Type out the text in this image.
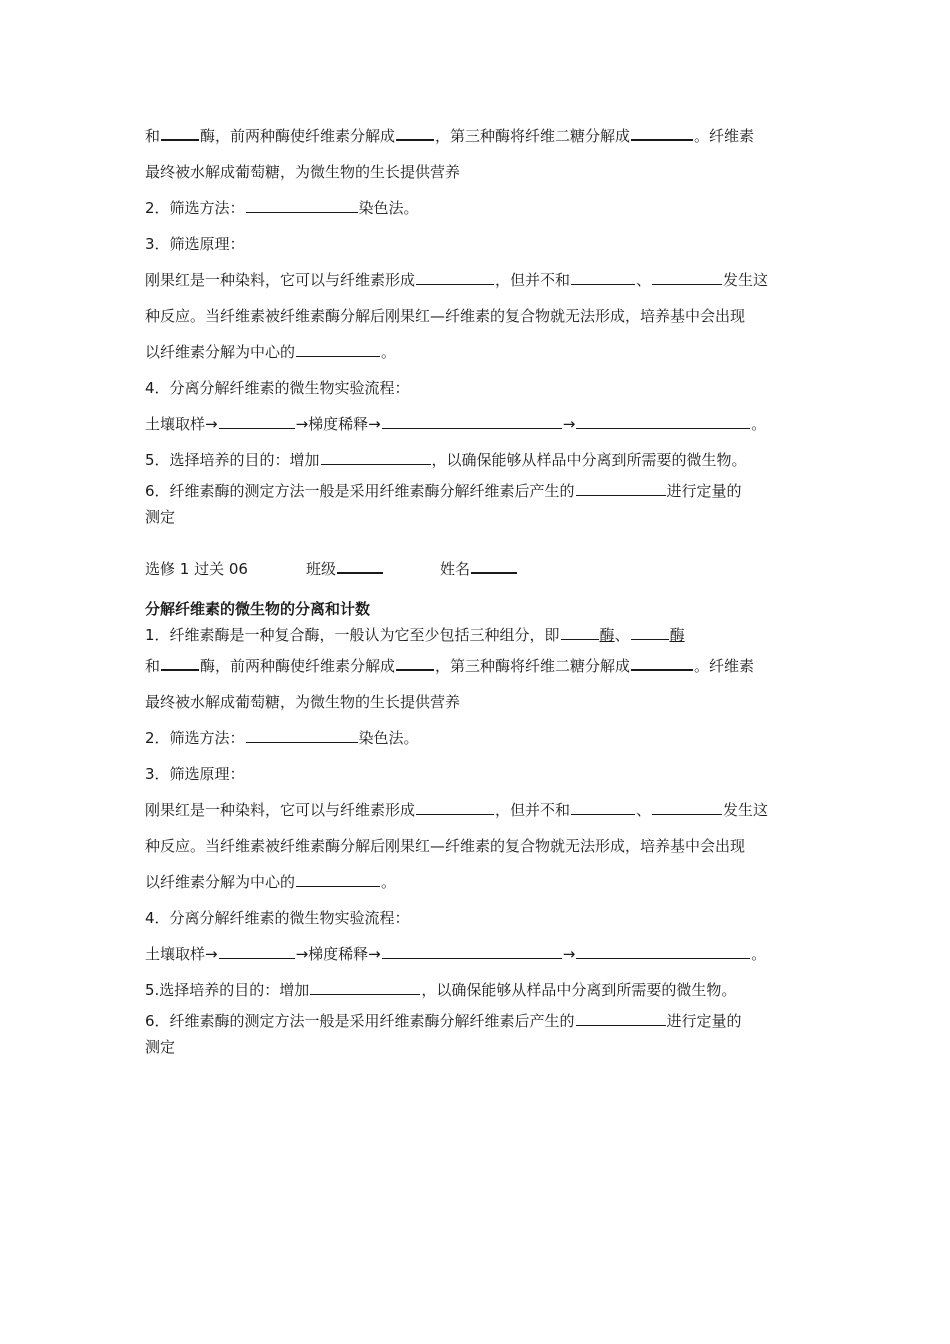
和	酶，前两种酶使纤维素分解成	，第三种酶将纤维二糖分解成	。纤维素
最终被水解成葡萄糖，为微生物的生长提供营养
2．筛选方法：	染色法。
3．筛选原理：
刚果红是一种染料，它可以与纤维素形成	，但并不和	、	发生这
种反应。当纤维素被纤维素酶分解后刚果红—纤维素的复合物就无法形成，培养基中会出现
以纤维素分解为中心的	。
4．分离分解纤维素的微生物实验流程：
土壤取样→	→梯度稀释→	→	。
5．选择培养的目的：增加	，以确保能够从样品中分离到所需要的微生物。
6．纤维素酶的测定方法一般是采用纤维素酶分解纤维素后产生的	进行定量的
测定
选修 1 过关 06	班级	姓名
分解纤维素的微生物的分离和计数
1．纤维素酶是一种复合酶，一般认为它至少包括三种组分，即	酶、	酶
和	酶，前两种酶使纤维素分解成	，第三种酶将纤维二糖分解成	。纤维素
最终被水解成葡萄糖，为微生物的生长提供营养
2．筛选方法：	染色法。
3．筛选原理：
刚果红是一种染料，它可以与纤维素形成	，但并不和	、	发生这
种反应。当纤维素被纤维素酶分解后刚果红—纤维素的复合物就无法形成，培养基中会出现
以纤维素分解为中心的	。
4．分离分解纤维素的微生物实验流程：
土壤取样→	→梯度稀释→	→	。
5.选择培养的目的：增加	，以确保能够从样品中分离到所需要的微生物。
6．纤维素酶的测定方法一般是采用纤维素酶分解纤维素后产生的	进行定量的
测定
